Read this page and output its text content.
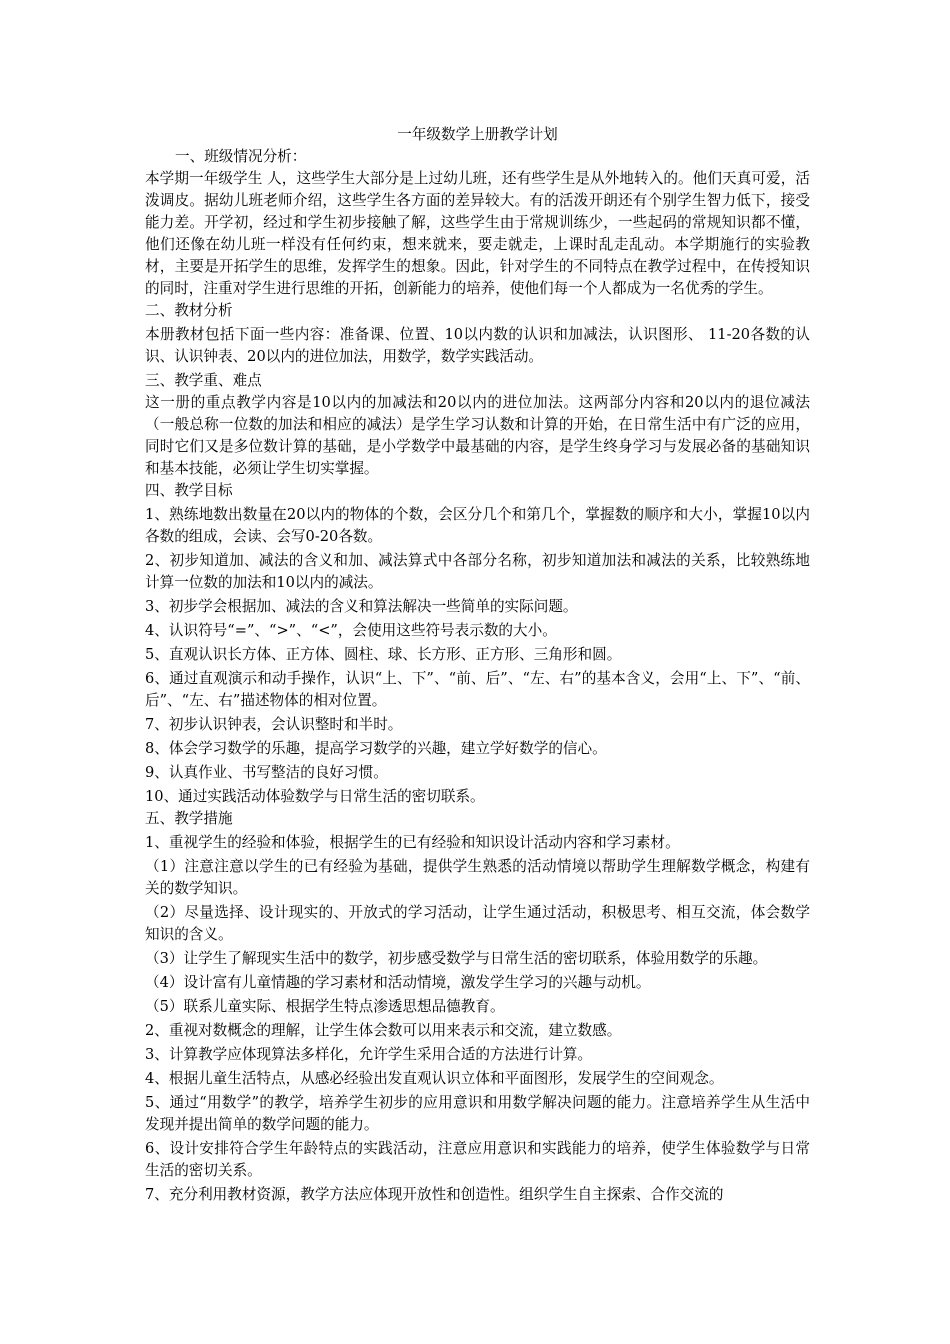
一年级数学上册教学计划

一、班级情况分析：

本学期一年级学生 人，这些学生大部分是上过幼儿班，还有些学生是从外地转入的。他们天真可爱，活泼调皮。据幼儿班老师介绍，这些学生各方面的差异较大。有的活泼开朗还有个别学生智力低下，接受能力差。开学初，经过和学生初步接触了解，这些学生由于常规训练少，一些起码的常规知识都不懂，他们还像在幼儿班一样没有任何约束，想来就来，要走就走，上课时乱走乱动。本学期施行的实验教材，主要是开拓学生的思维，发挥学生的想象。因此，针对学生的不同特点在教学过程中，在传授知识的同时，注重对学生进行思维的开拓，创新能力的培养，使他们每一个人都成为一名优秀的学生。

二、教材分析

本册教材包括下面一些内容：准备课、位置、10以内数的认识和加减法，认识图形、 11-20各数的认识、认识钟表、20以内的进位加法，用数学，数学实践活动。

三、教学重、难点

这一册的重点教学内容是10以内的加减法和20以内的进位加法。这两部分内容和20以内的退位减法（一般总称一位数的加法和相应的减法）是学生学习认数和计算的开始，在日常生活中有广泛的应用，同时它们又是多位数计算的基础，是小学数学中最基础的内容，是学生终身学习与发展必备的基础知识和基本技能，必须让学生切实掌握。

四、教学目标

1、熟练地数出数量在20以内的物体的个数，会区分几个和第几个，掌握数的顺序和大小，掌握10以内各数的组成，会读、会写0-20各数。

2、初步知道加、减法的含义和加、减法算式中各部分名称，初步知道加法和减法的关系，比较熟练地计算一位数的加法和10以内的减法。

3、初步学会根据加、减法的含义和算法解决一些简单的实际问题。

4、认识符号“=”、“>”、“<”，会使用这些符号表示数的大小。

5、直观认识长方体、正方体、圆柱、球、长方形、正方形、三角形和圆。

6、通过直观演示和动手操作，认识“上、下”、“前、后”、“左、右”的基本含义，会用“上、下”、“前、后”、“左、右”描述物体的相对位置。

7、初步认识钟表，会认识整时和半时。

8、体会学习数学的乐趣，提高学习数学的兴趣，建立学好数学的信心。

9、认真作业、书写整洁的良好习惯。

10、通过实践活动体验数学与日常生活的密切联系。

五、教学措施

1、重视学生的经验和体验，根据学生的已有经验和知识设计活动内容和学习素材。

（1）注意注意以学生的已有经验为基础，提供学生熟悉的活动情境以帮助学生理解数学概念，构建有关的数学知识。

（2）尽量选择、设计现实的、开放式的学习活动，让学生通过活动，积极思考、相互交流，体会数学知识的含义。

（3）让学生了解现实生活中的数学，初步感受数学与日常生活的密切联系，体验用数学的乐趣。

（4）设计富有儿童情趣的学习素材和活动情境，激发学生学习的兴趣与动机。

（5）联系儿童实际、根据学生特点渗透思想品德教育。

2、重视对数概念的理解，让学生体会数可以用来表示和交流，建立数感。

3、计算教学应体现算法多样化，允许学生采用合适的方法进行计算。

4、根据儿童生活特点，从感必经验出发直观认识立体和平面图形，发展学生的空间观念。

5、通过“用数学”的教学，培养学生初步的应用意识和用数学解决问题的能力。注意培养学生从生活中发现并提出简单的数学问题的能力。

6、设计安排符合学生年龄特点的实践活动，注意应用意识和实践能力的培养，使学生体验数学与日常生活的密切关系。

7、充分利用教材资源，教学方法应体现开放性和创造性。组织学生自主探索、合作交流的
